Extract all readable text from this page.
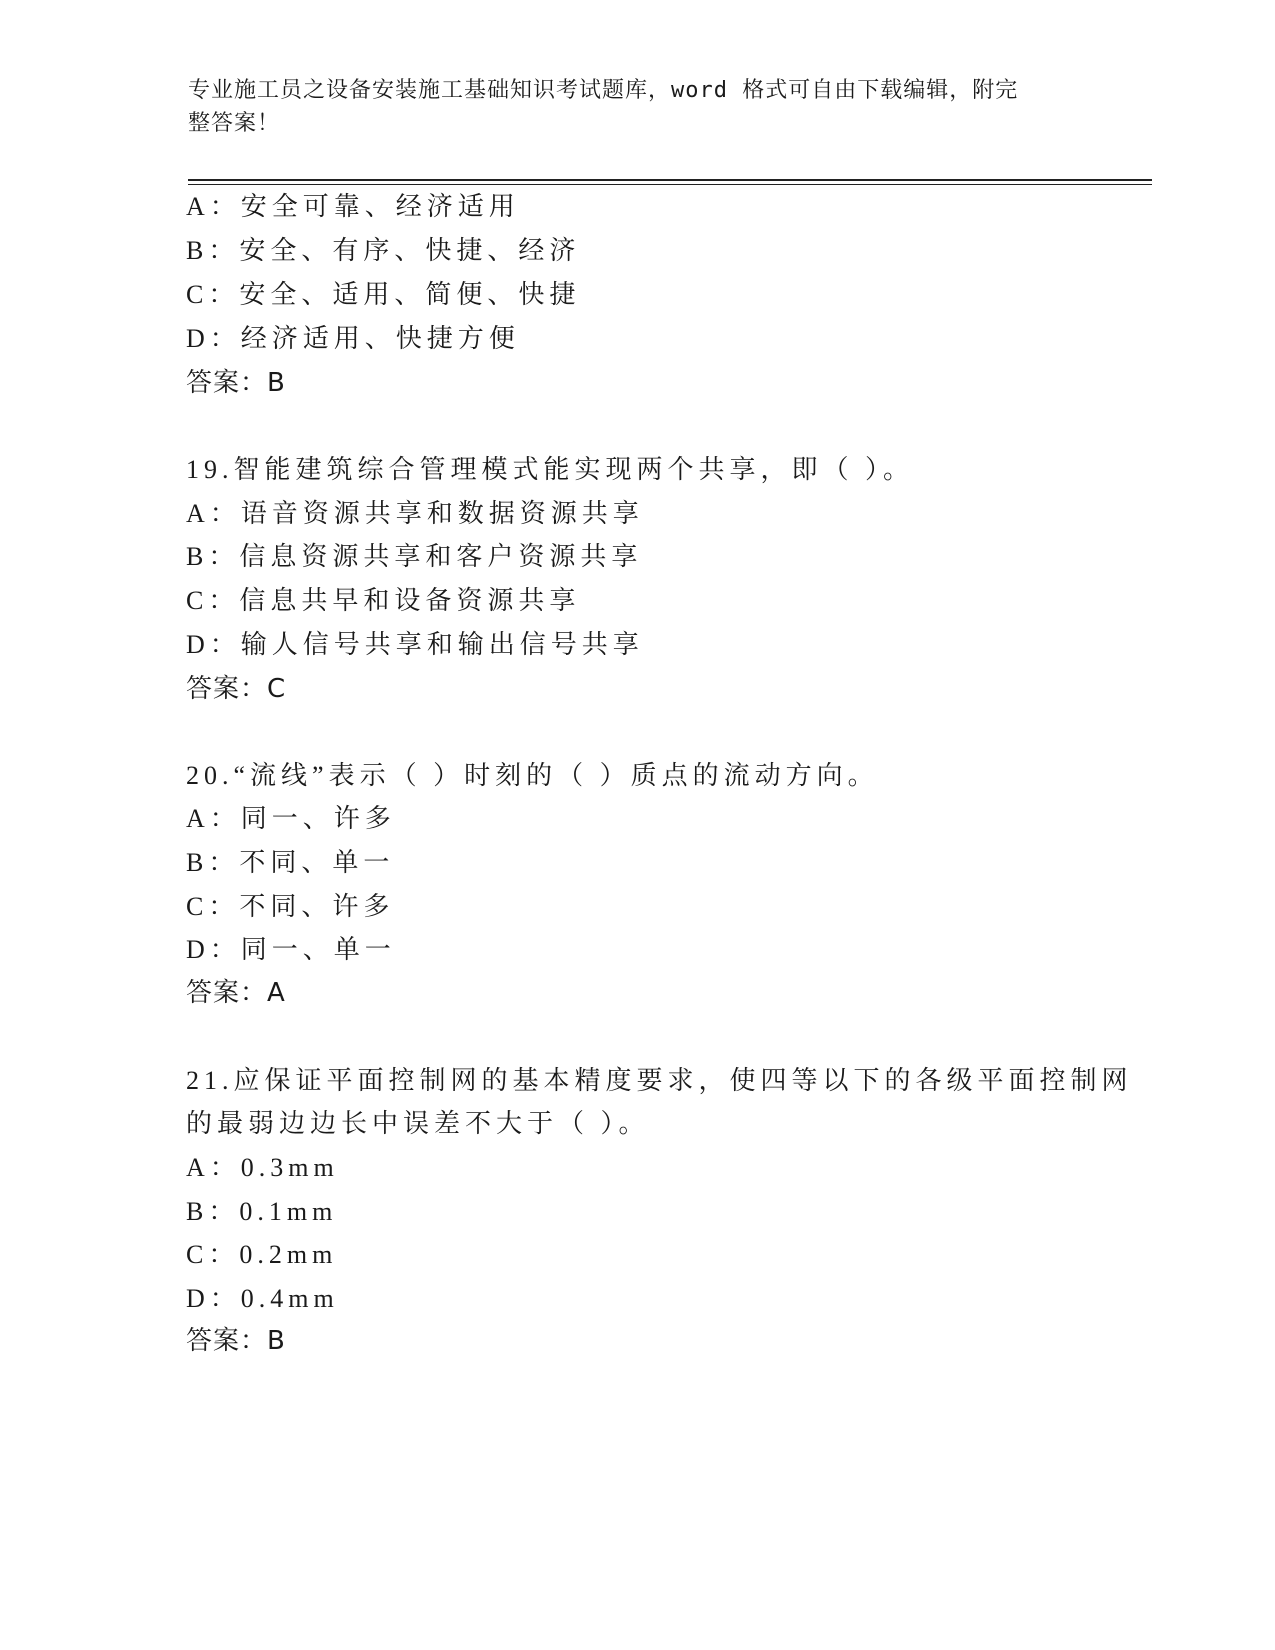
专业施工员之设备安装施工基础知识考试题库，word 格式可自由下载编辑，附完
整答案！
A：安全可靠、经济适用
B：安全、有序、快捷、经济
C：安全、适用、简便、快捷
D：经济适用、快捷方便
答案：B
19.智能建筑综合管理模式能实现两个共享，即（ ）。
A：语音资源共享和数据资源共享
B：信息资源共享和客户资源共享
C：信息共早和设备资源共享
D：输人信号共享和输出信号共享
答案：C
20.“流线”表示（ ）时刻的（ ）质点的流动方向。
A：同一、许多
B：不同、单一
C：不同、许多
D：同一、单一
答案：A
21.应保证平面控制网的基本精度要求，使四等以下的各级平面控制网
的最弱边边长中误差不大于（ ）。
A：0.3mm
B：0.1mm
C：0.2mm
D：0.4mm
答案：B
